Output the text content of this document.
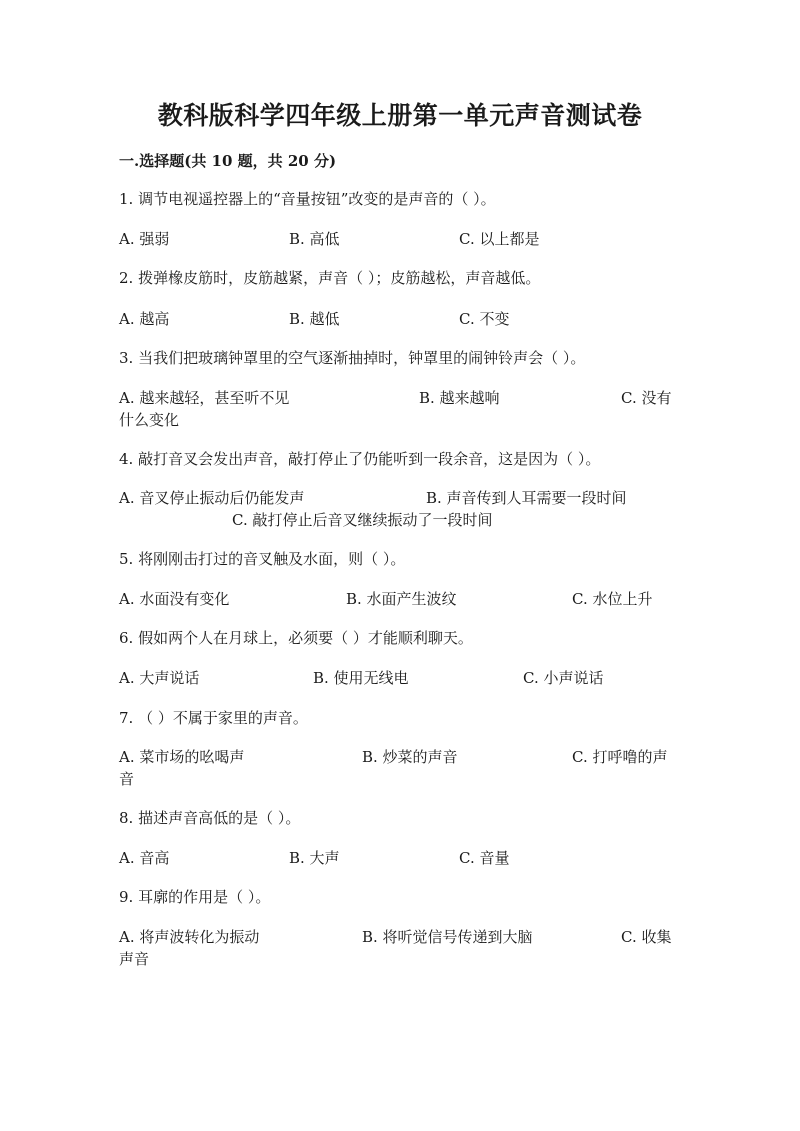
教科版科学四年级上册第一单元声音测试卷
一.选择题(共 10 题，共 20 分)
1. 调节电视遥控器上的“音量按钮”改变的是声音的（ ）。
A. 强弱	B. 高低	C. 以上都是
2. 拨弹橡皮筋时，皮筋越紧，声音（ ）；皮筋越松，声音越低。
A. 越高	B. 越低	C. 不变
3. 当我们把玻璃钟罩里的空气逐渐抽掉时，钟罩里的闹钟铃声会（ ）。
A. 越来越轻，甚至听不见	B. 越来越响	C. 没有
什么变化
4. 敲打音叉会发出声音，敲打停止了仍能听到一段余音，这是因为（ ）。
A. 音叉停止振动后仍能发声	B. 声音传到人耳需要一段时间
C. 敲打停止后音叉继续振动了一段时间
5. 将刚刚击打过的音叉触及水面，则（ ）。
A. 水面没有变化	B. 水面产生波纹	C. 水位上升
6. 假如两个人在月球上，必须要（ ）才能顺利聊天。
A. 大声说话	B. 使用无线电	C. 小声说话
7. （ ）不属于家里的声音。
A. 菜市场的吆喝声	B. 炒菜的声音	C. 打呼噜的声
音
8. 描述声音高低的是（ ）。
A. 音高	B. 大声	C. 音量
9. 耳廓的作用是（ ）。
A. 将声波转化为振动	B. 将听觉信号传递到大脑	C. 收集
声音
